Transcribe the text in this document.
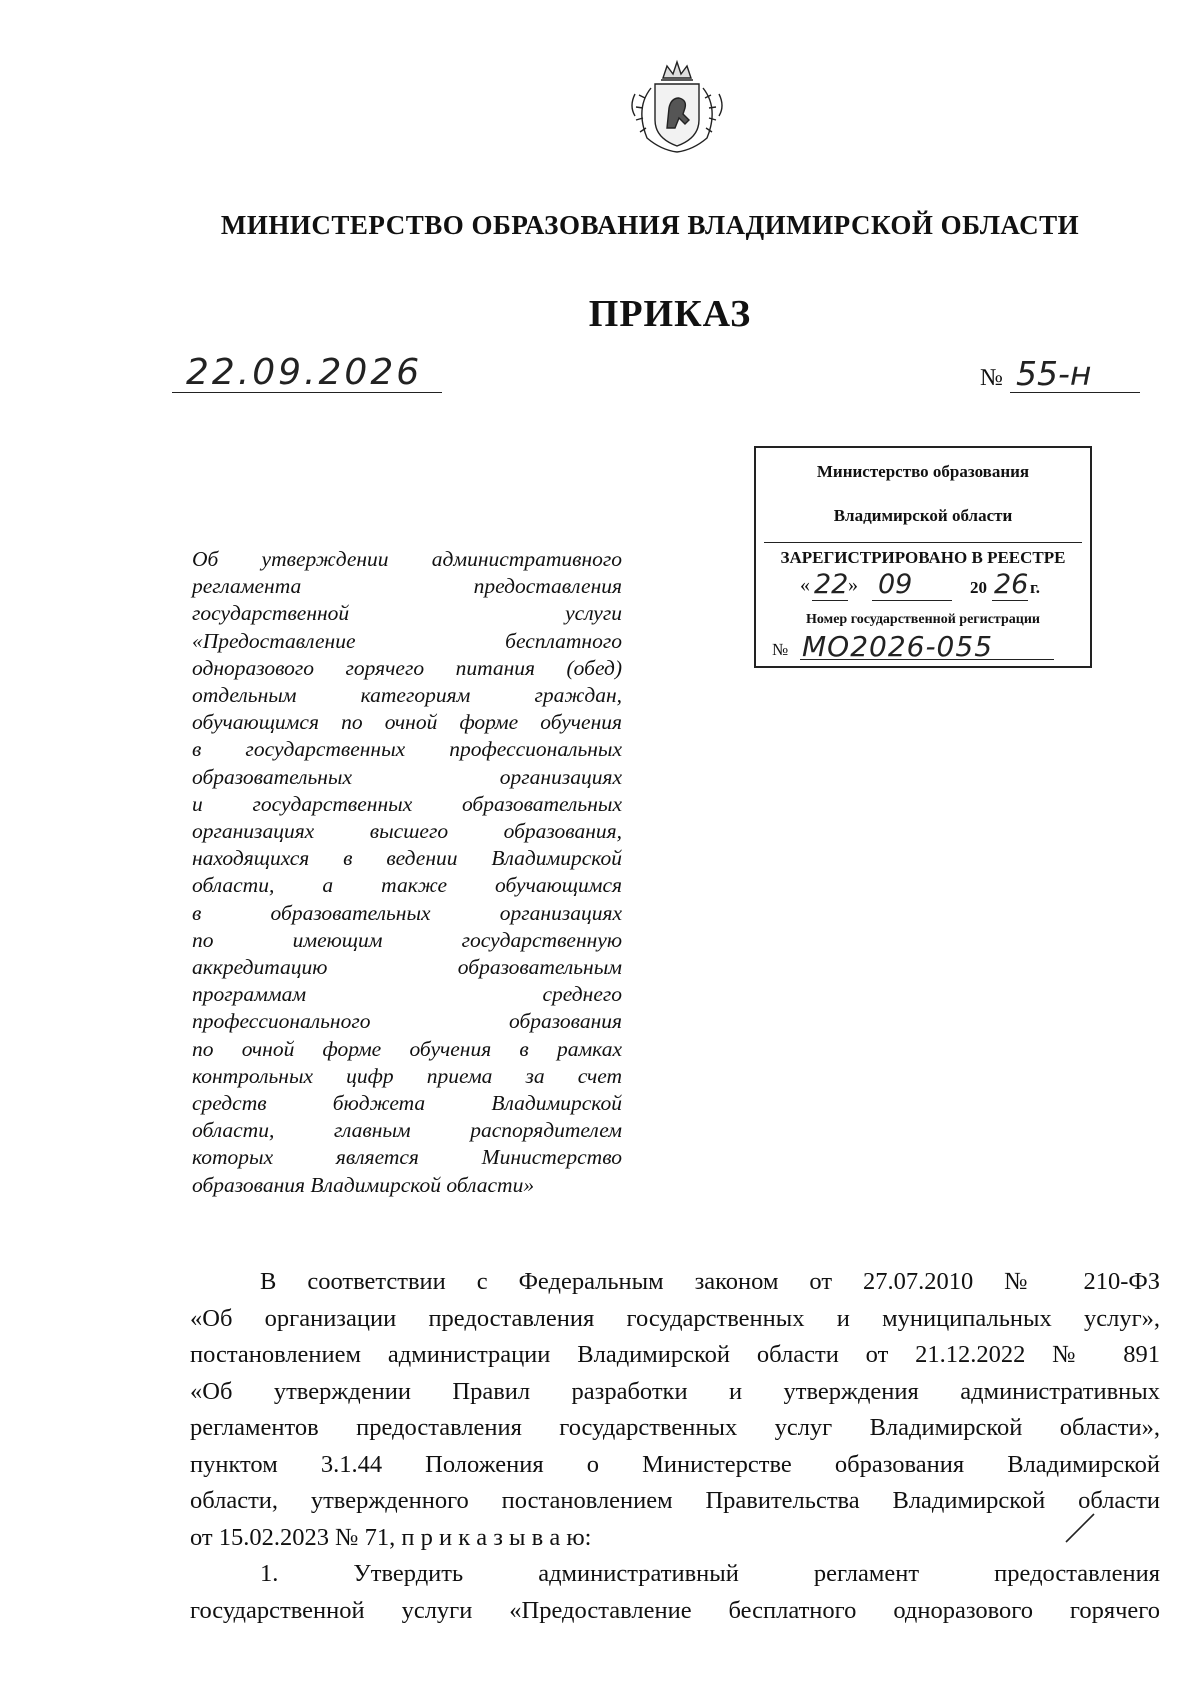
МИНИСТЕРСТВО ОБРАЗОВАНИЯ ВЛАДИМИРСКОЙ ОБЛАСТИ
ПРИКАЗ
22.09.2026	№ 55-н
Министерство образования
Владимирской области
ЗАРЕГИСТРИРОВАНО В РЕЕСТРЕ
« 22 » 09	20 26 г.
Номер государственной регистрации
№ МО2026-055
Об утверждении административного
регламента предоставления
государственной услуги
«Предоставление бесплатного
одноразового горячего питания (обед)
отдельным категориям граждан,
обучающимся по очной форме обучения
в государственных профессиональных
образовательных организациях
и государственных образовательных
организациях высшего образования,
находящихся в ведении Владимирской
области, а также обучающимся
в образовательных организациях
по имеющим государственную
аккредитацию образовательным
программам среднего
профессионального образования
по очной форме обучения в рамках
контрольных цифр приема за счет
средств бюджета Владимирской
области, главным распорядителем
которых является Министерство
образования Владимирской области»
В соответствии с Федеральным законом от 27.07.2010 № 210-ФЗ
«Об организации предоставления государственных и муниципальных услуг»,
постановлением администрации Владимирской области от 21.12.2022 № 891
«Об утверждении Правил разработки и утверждения административных
регламентов предоставления государственных услуг Владимирской области»,
пунктом 3.1.44 Положения о Министерстве образования Владимирской
области, утвержденного постановлением Правительства Владимирской области
от 15.02.2023 № 71, п р и к а з ы в а ю:
1. Утвердить административный регламент предоставления
государственной услуги «Предоставление бесплатного одноразового горячего
